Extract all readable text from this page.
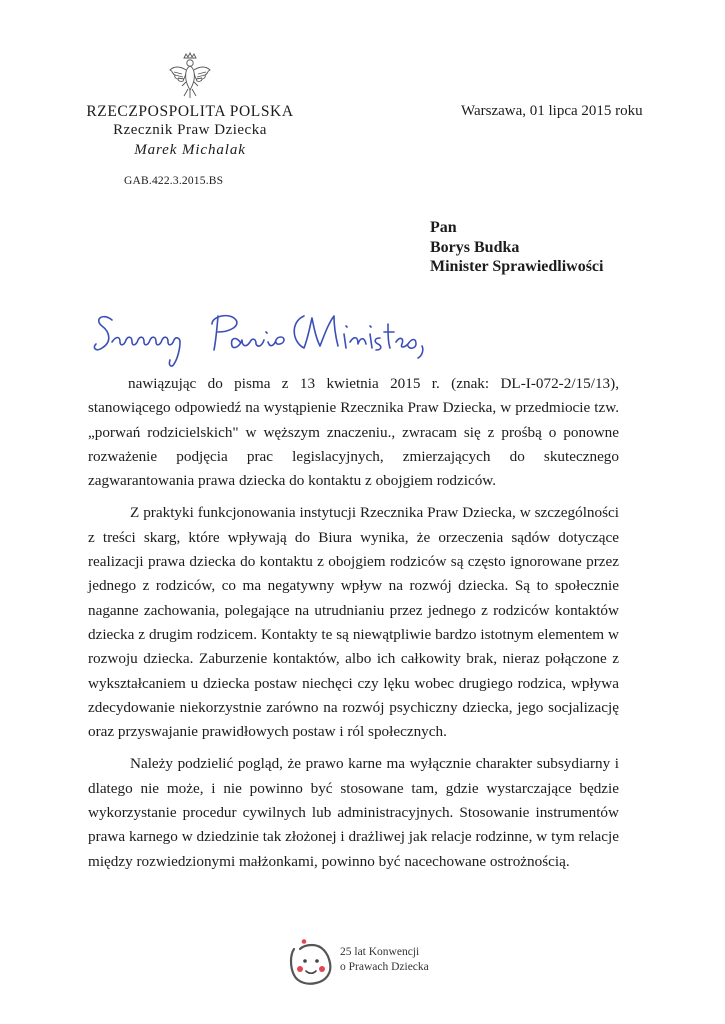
RZECZPOSPOLITA POLSKA
Rzecznik Praw Dziecka
Marek Michalak
GAB.422.3.2015.BS
Warszawa, 01 lipca 2015 roku
Pan
Borys Budka
Minister Sprawiedliwości

nawiązując do pisma z 13 kwietnia 2015 r. (znak: DL-I-072-2/15/13), stanowiącego odpowiedź na wystąpienie Rzecznika Praw Dziecka, w przedmiocie tzw. „porwań rodzicielskich" w węższym znaczeniu., zwracam się z prośbą o ponowne rozważenie podjęcia prac legislacyjnych, zmierzających do skutecznego zagwarantowania prawa dziecka do kontaktu z obojgiem rodziców.

Z praktyki funkcjonowania instytucji Rzecznika Praw Dziecka, w szczególności z treści skarg, które wpływają do Biura wynika, że orzeczenia sądów dotyczące realizacji prawa dziecka do kontaktu z obojgiem rodziców są często ignorowane przez jednego z rodziców, co ma negatywny wpływ na rozwój dziecka. Są to społecznie naganne zachowania, polegające na utrudnianiu przez jednego z rodziców kontaktów dziecka z drugim rodzicem. Kontakty te są niewątpliwie bardzo istotnym elementem w rozwoju dziecka. Zaburzenie kontaktów, albo ich całkowity brak, nieraz połączone z wykształcaniem u dziecka postaw niechęci czy lęku wobec drugiego rodzica, wpływa zdecydowanie niekorzystnie zarówno na rozwój psychiczny dziecka, jego socjalizację oraz przyswajanie prawidłowych postaw i ról społecznych.

Należy podzielić pogląd, że prawo karne ma wyłącznie charakter subsydiarny i dlatego nie może, i nie powinno być stosowane tam, gdzie wystarczające będzie wykorzystanie procedur cywilnych lub administracyjnych. Stosowanie instrumentów prawa karnego w dziedzinie tak złożonej i drażliwej jak relacje rodzinne, w tym relacje między rozwiedzionymi małżonkami, powinno być nacechowane ostrożnością.

25 lat Konwencji
o Prawach Dziecka
